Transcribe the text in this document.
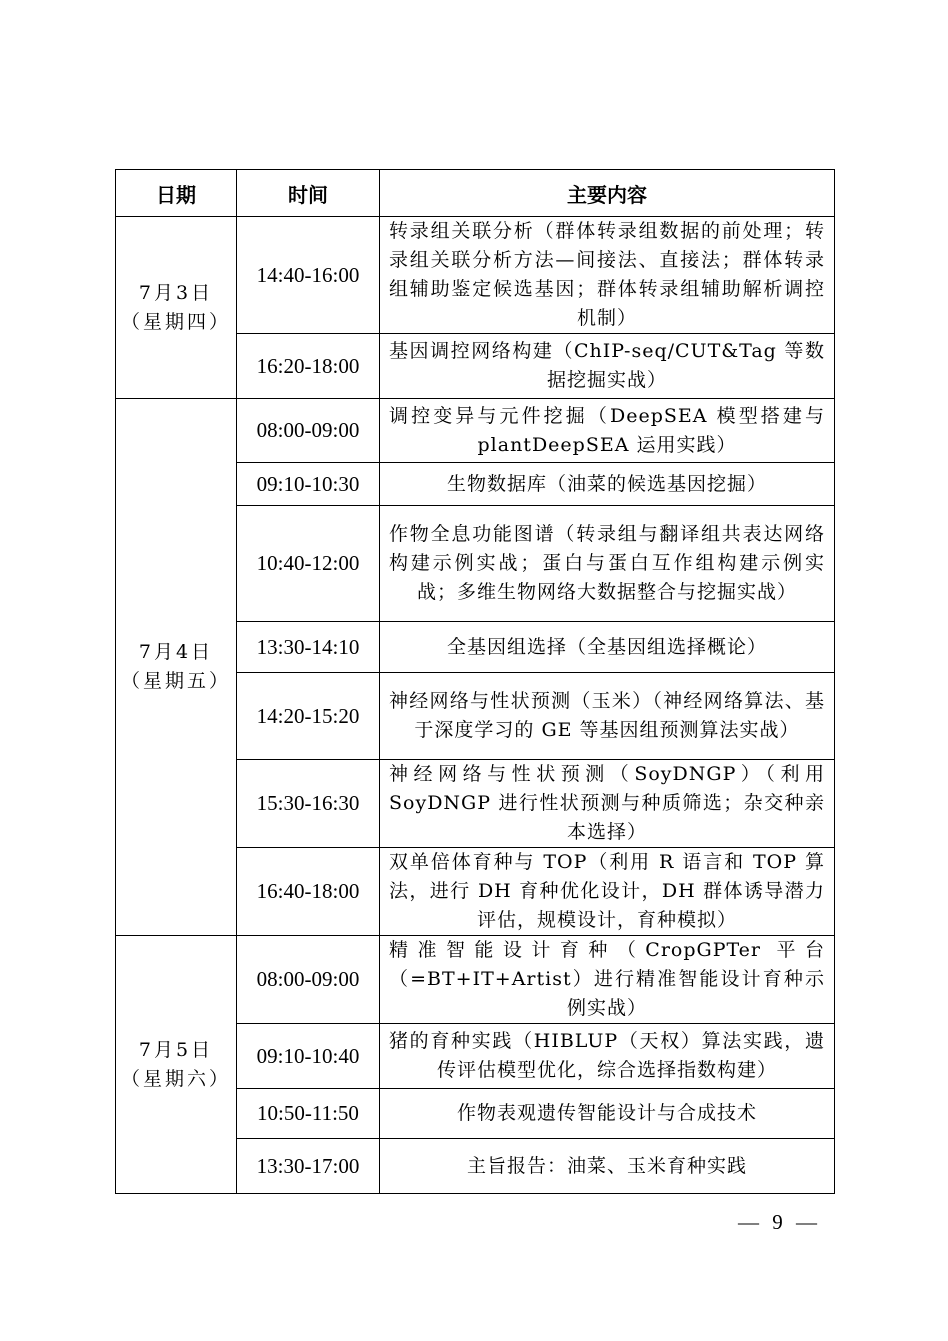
日期	时间	主要内容

7月3日
（星期四）	14:40-16:00	转录组关联分析（群体转录组数据的前处理；转录组关联分析方法—间接法、直接法；群体转录组辅助鉴定候选基因；群体转录组辅助解析调控机制）
	16:20-18:00	基因调控网络构建（ChIP-seq/CUT&Tag 等数据挖掘实战）

7月4日
（星期五）	08:00-09:00	调控变异与元件挖掘（DeepSEA 模型搭建与 plantDeepSEA 运用实践）
	09:10-10:30	生物数据库（油菜的候选基因挖掘）
	10:40-12:00	作物全息功能图谱（转录组与翻译组共表达网络构建示例实战；蛋白与蛋白互作组构建示例实战；多维生物网络大数据整合与挖掘实战）
	13:30-14:10	全基因组选择（全基因组选择概论）
	14:20-15:20	神经网络与性状预测（玉米）（神经网络算法、基于深度学习的 GE 等基因组预测算法实战）
	15:30-16:30	神经网络与性状预测（SoyDNGP）（利用 SoyDNGP 进行性状预测与种质筛选；杂交种亲本选择）
	16:40-18:00	双单倍体育种与 TOP（利用 R 语言和 TOP 算法，进行 DH 育种优化设计，DH 群体诱导潜力评估，规模设计，育种模拟）

7月5日
（星期六）	08:00-09:00	精准智能设计育种（CropGPTer 平台（=BT+IT+Artist）进行精准智能设计育种示例实战）
	09:10-10:40	猪的育种实践（HIBLUP（天权）算法实践，遗传评估模型优化，综合选择指数构建）
	10:50-11:50	作物表观遗传智能设计与合成技术
	13:30-17:00	主旨报告：油菜、玉米育种实践
— 9 —
